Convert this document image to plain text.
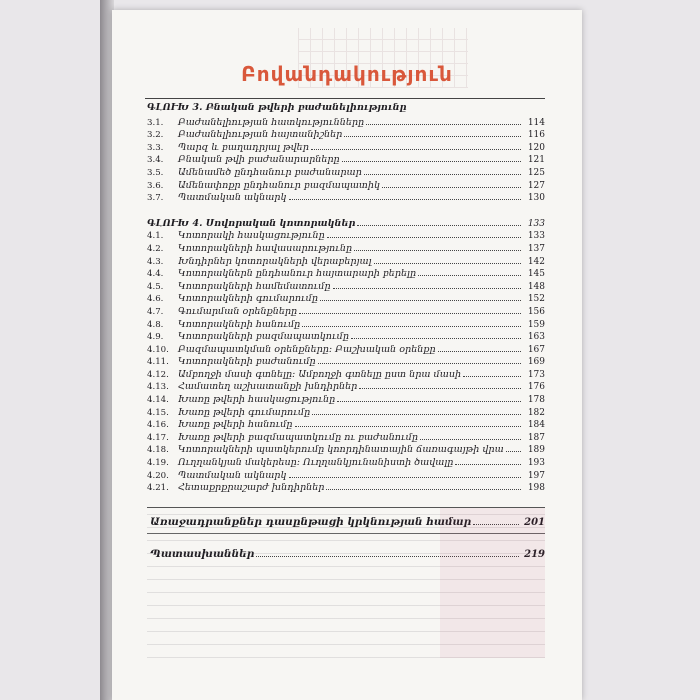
Բովանդակություն
ԳԼՈՒԽ 3. Բնական թվերի բաժանելիությունը
3.1.	Բաժանելիության հատկությունները	114
3.2.	Բաժանելիության հայտանիշներ	116
3.3.	Պարզ և բաղադրյալ թվեր	120
3.4.	Բնական թվի բաժանարարները	121
3.5.	Ամենամեծ ընդհանուր բաժանարար	125
3.6.	Ամենափոքր ընդհանուր բազմապատիկ	127
3.7.	Պատմական ակնարկ	130
ԳԼՈՒԽ 4. Սովորական կոտորակներ	133
4.1.	Կոտորակի հասկացությունը	133
4.2.	Կոտորակների հավասարությունը	137
4.3.	Խնդիրներ կոտորակների վերաբերյալ	142
4.4.	Կոտորակներն ընդհանուր հայտարարի բերելը	145
4.5.	Կոտորակների համեմատումը	148
4.6.	Կոտորակների գումարումը	152
4.7.	Գումարման օրենքները	156
4.8.	Կոտորակների հանումը	159
4.9.	Կոտորակների բազմապատկումը	163
4.10. Բազմապատկման օրենքները: Բաշխական օրենքը	167
4.11. Կոտորակների բաժանումը	169
4.12. Ամբողջի մասի գտնելը: Ամբողջի գտնելը ըստ նրա մասի	173
4.13. Համատեղ աշխատանքի խնդիրներ	176
4.14. Խառը թվերի հասկացությունը	178
4.15. Խառը թվերի գումարումը	182
4.16. Խառը թվերի հանումը	184
4.17. Խառը թվերի բազմապատկումը ու բաժանումը	187
4.18. Կոտորակների պատկերումը կոորդինատային ճառագայթի վրա	189
4.19. Ուղղանկյան մակերեսը: Ուղղանկյունանիստի ծավալը	193
4.20. Պատմական ակնարկ	197
4.21. Հետաքրքրաշարժ խնդիրներ	198
Առաջադրանքներ դասընթացի կրկնության համար	201
Պատասխաններ	219
